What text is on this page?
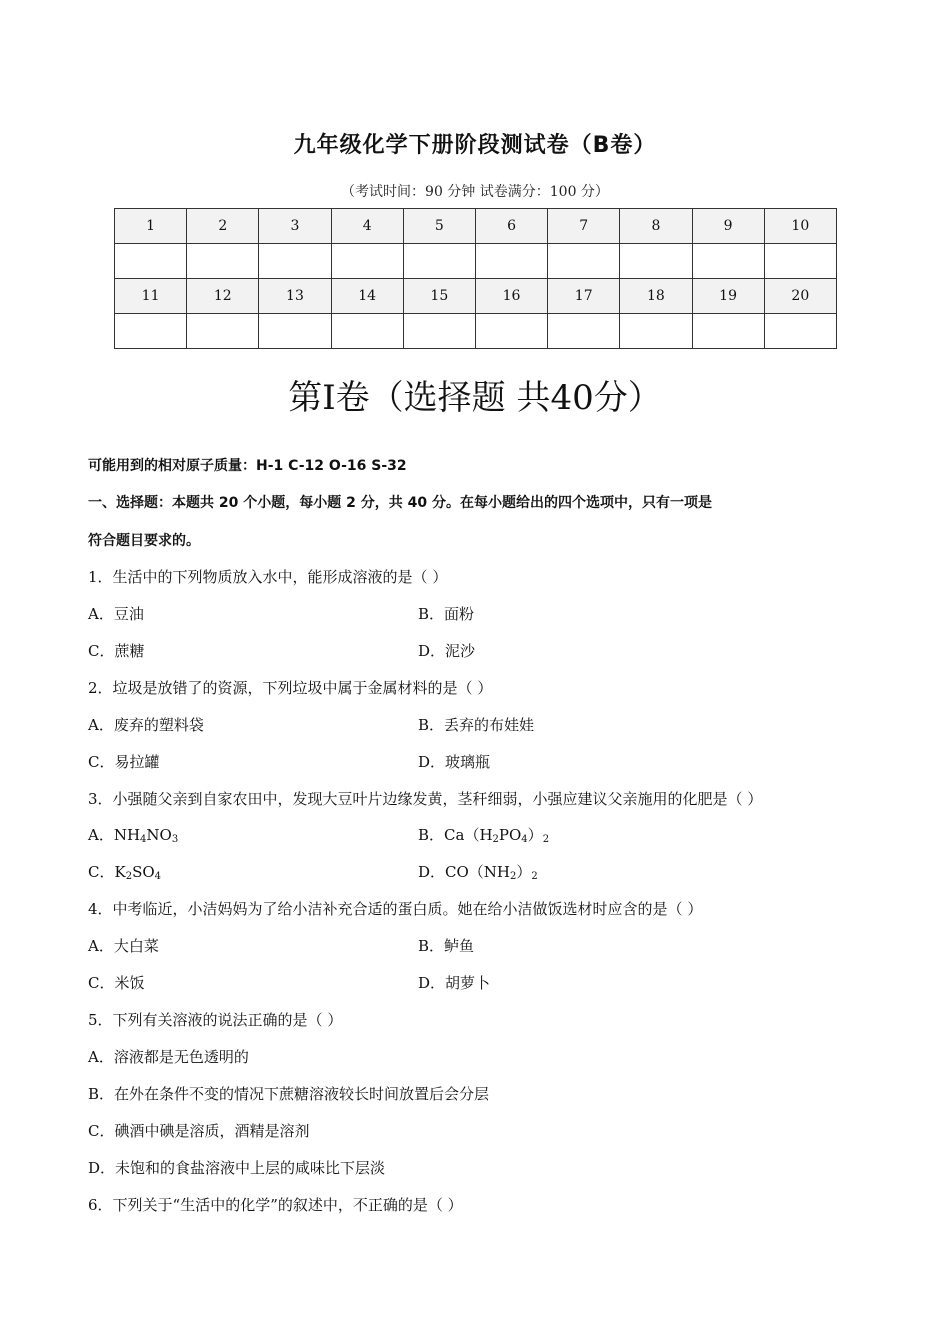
九年级化学下册阶段测试卷（B卷）
（考试时间：90 分钟 试卷满分：100 分）
1	2	3	4	5	6	7	8	9	10

11	12	13	14	15	16	17	18	19	20

第Ⅰ卷（选择题 共40分）
可能用到的相对原子质量：H-1 C-12 O-16 S-32
一、选择题：本题共 20 个小题，每小题 2 分，共 40 分。在每小题给出的四个选项中，只有一项是
符合题目要求的。
1．生活中的下列物质放入水中，能形成溶液的是（ ）
A．豆油	B．面粉
C．蔗糖	D．泥沙
2．垃圾是放错了的资源，下列垃圾中属于金属材料的是（ ）
A．废弃的塑料袋	B．丢弃的布娃娃
C．易拉罐	D．玻璃瓶
3．小强随父亲到自家农田中，发现大豆叶片边缘发黄，茎秆细弱，小强应建议父亲施用的化肥是（ ）
A．$NH_4NO_3$	B．$Ca(H_2PO_4)_2$
C．$K_2SO_4$	D．$CO(NH_2)_2$
4．中考临近，小洁妈妈为了给小洁补充合适的蛋白质。她在给小洁做饭选材时应含的是（ ）
A．大白菜	B．鲈鱼
C．米饭	D．胡萝卜
5．下列有关溶液的说法正确的是（ ）
A．溶液都是无色透明的
B．在外在条件不变的情况下蔗糖溶液较长时间放置后会分层
C．碘酒中碘是溶质，酒精是溶剂
D．未饱和的食盐溶液中上层的咸味比下层淡
6．下列关于“生活中的化学”的叙述中，不正确的是（ ）
